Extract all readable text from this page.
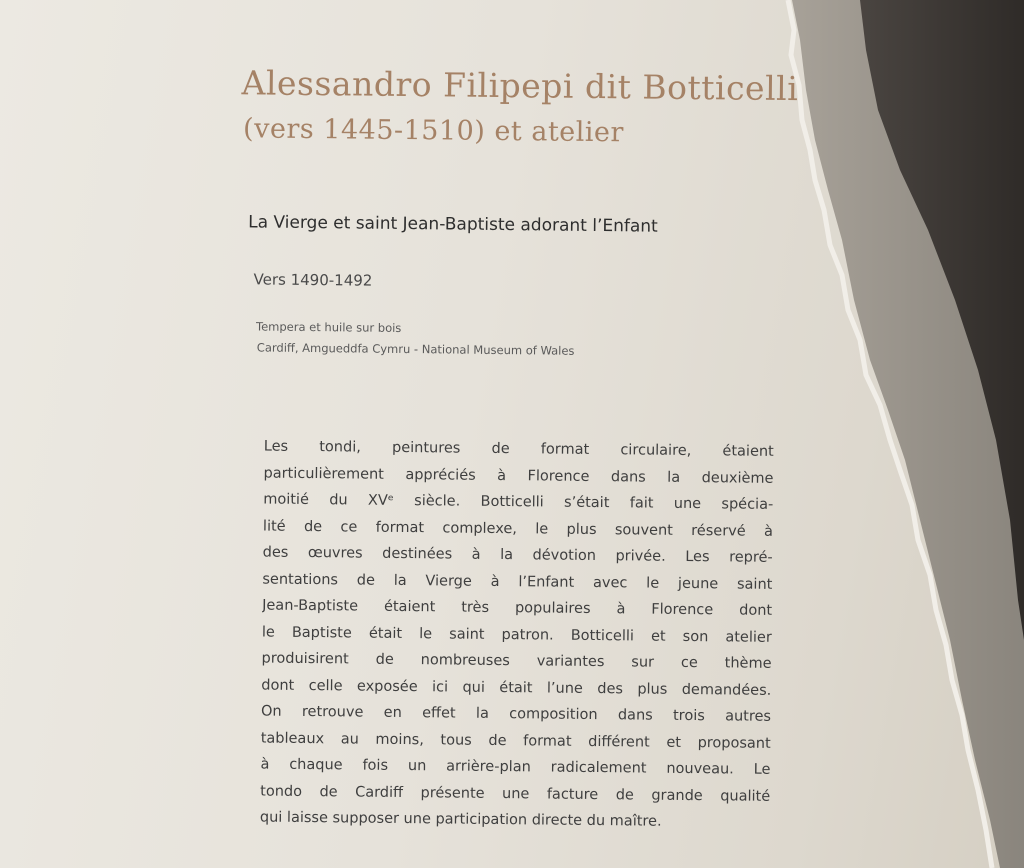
Alessandro Filipepi dit Botticelli
(vers 1445-1510) et atelier
La Vierge et saint Jean-Baptiste adorant l’Enfant
Vers 1490-1492
Tempera et huile sur bois
Cardiff, Amgueddfa Cymru - National Museum of Wales
Les tondi, peintures de format circulaire, étaient
particulièrement appréciés à Florence dans la deuxième
moitié du XVᵉ siècle. Botticelli s’était fait une spécia-
lité de ce format complexe, le plus souvent réservé à
des œuvres destinées à la dévotion privée. Les repré-
sentations de la Vierge à l’Enfant avec le jeune saint
Jean-Baptiste étaient très populaires à Florence dont
le Baptiste était le saint patron. Botticelli et son atelier
produisirent de nombreuses variantes sur ce thème
dont celle exposée ici qui était l’une des plus demandées.
On retrouve en effet la composition dans trois autres
tableaux au moins, tous de format différent et proposant
à chaque fois un arrière-plan radicalement nouveau. Le
tondo de Cardiff présente une facture de grande qualité
qui laisse supposer une participation directe du maître.
